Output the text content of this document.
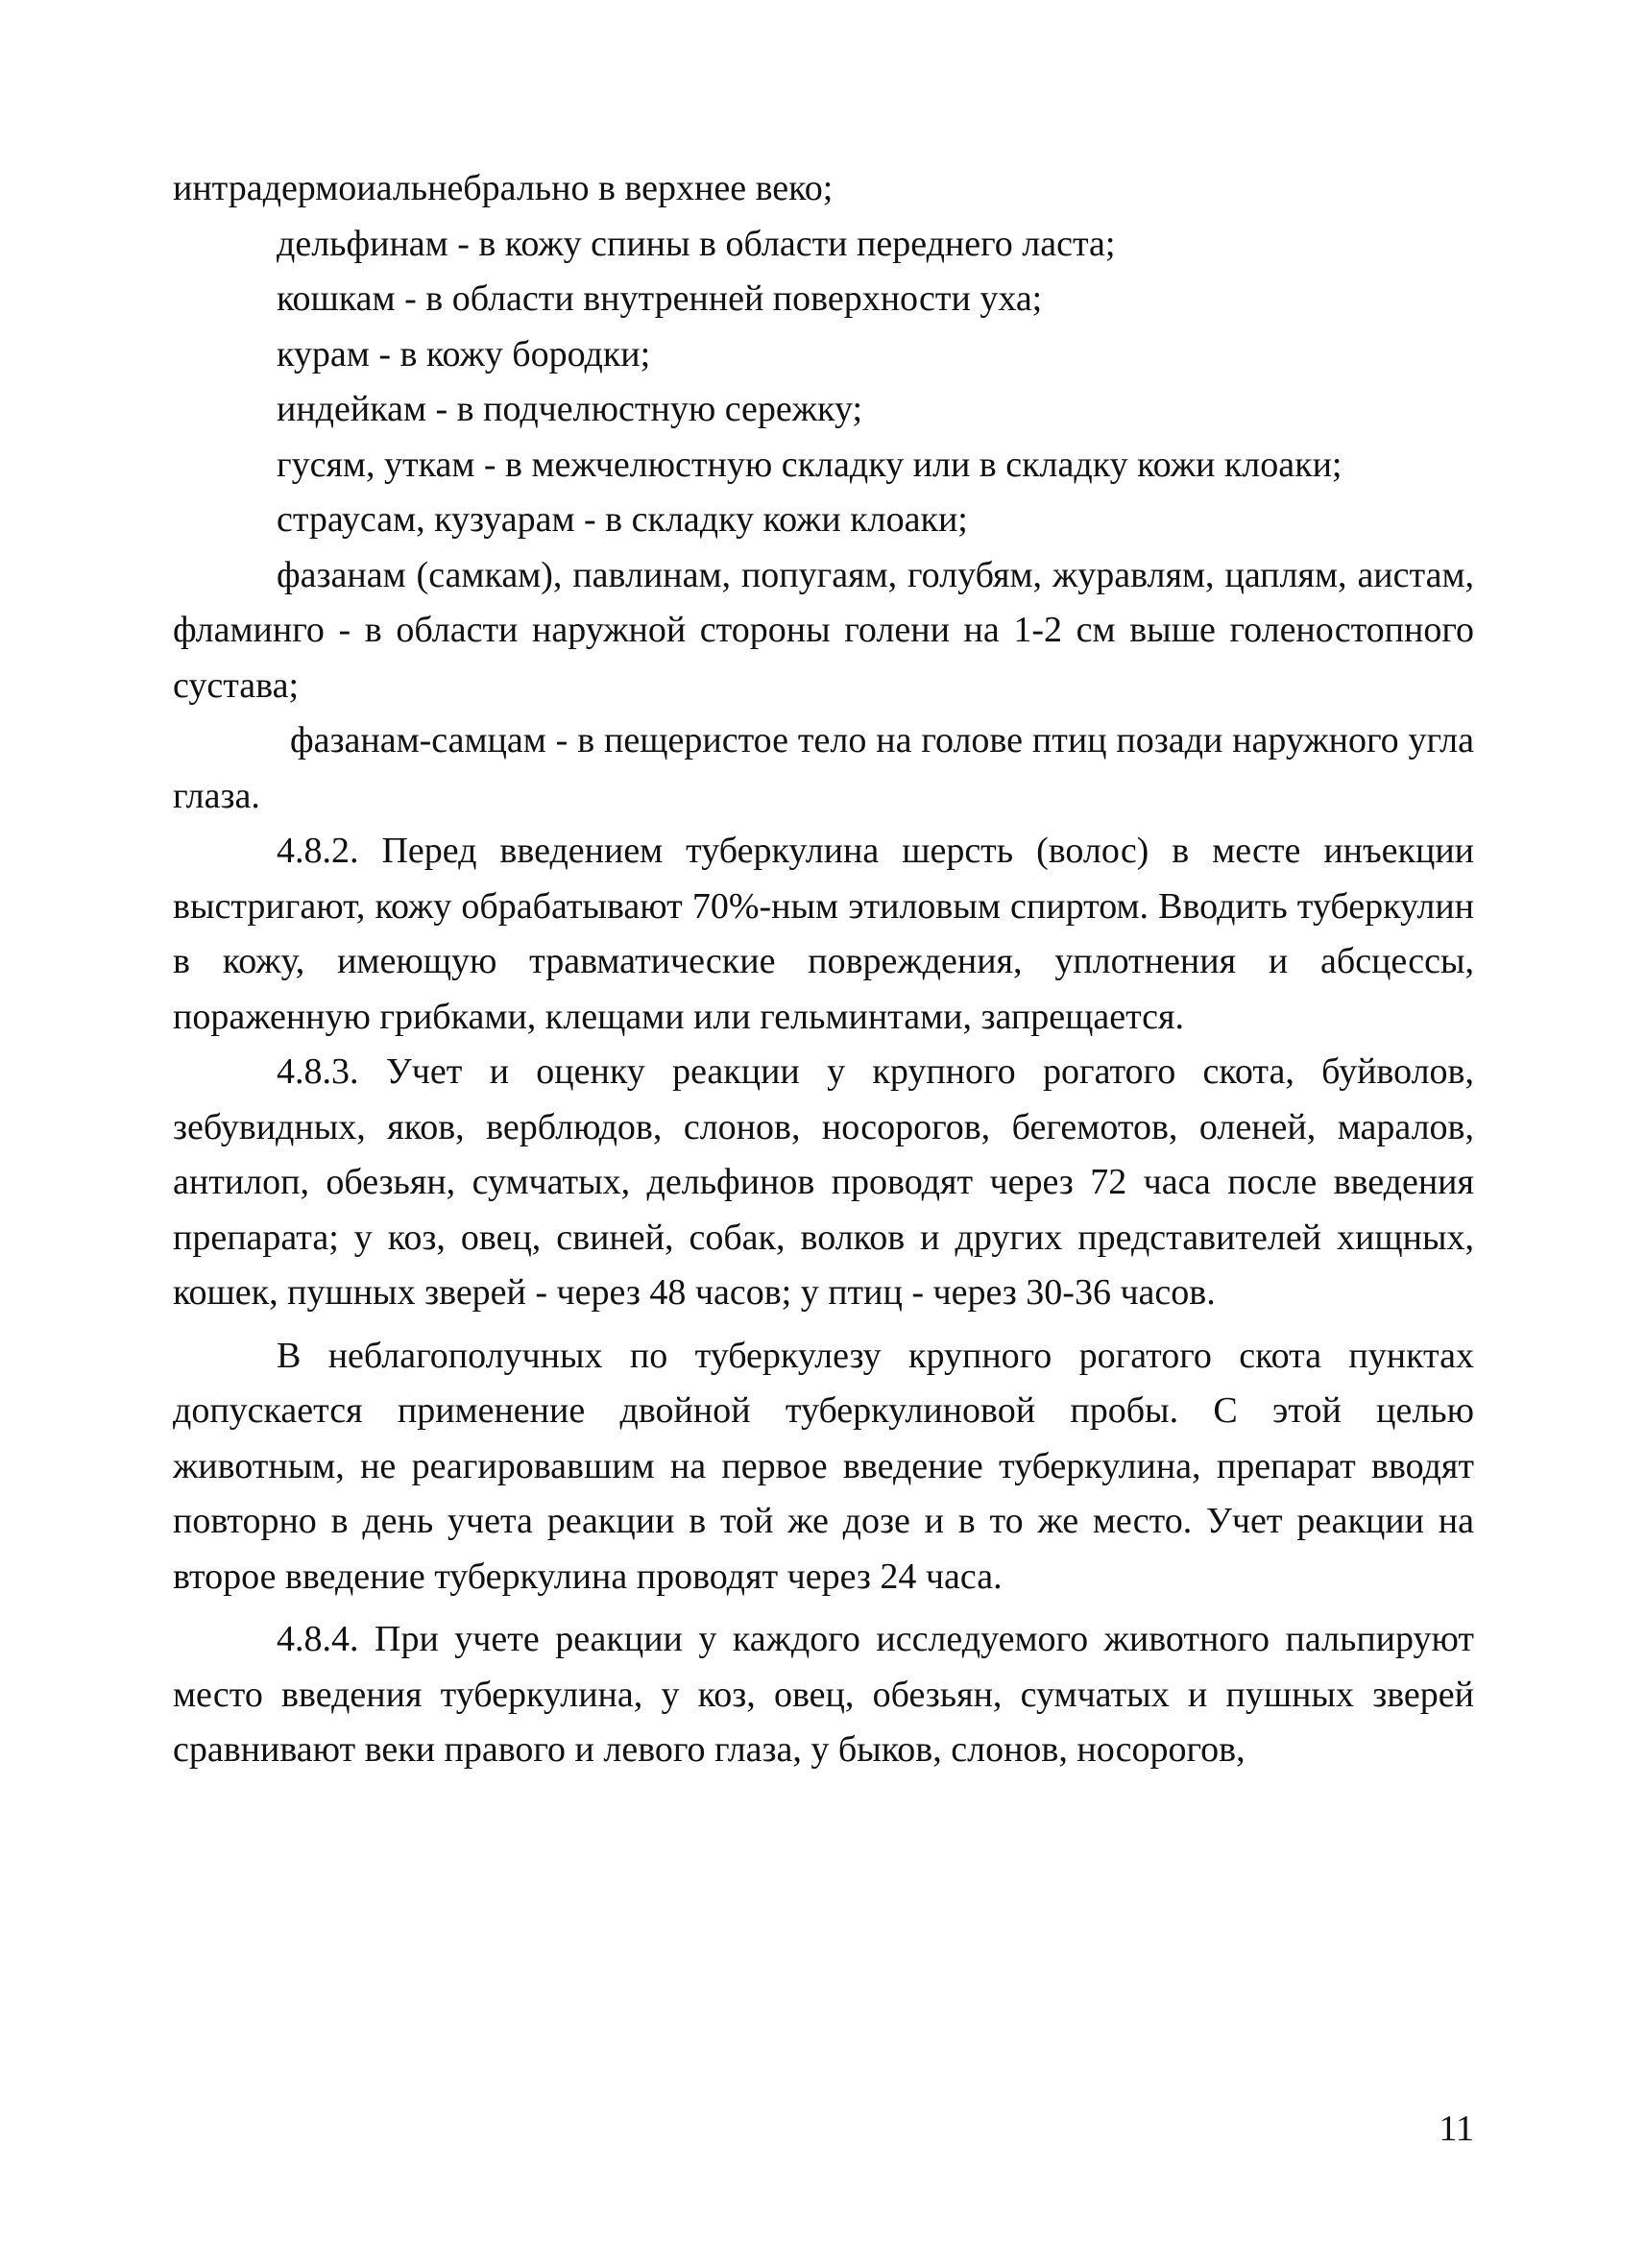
интрадермоиальнебрально в верхнее веко;

дельфинам - в кожу спины в области переднего ласта;

кошкам - в области внутренней поверхности уха;

курам - в кожу бородки;

индейкам - в подчелюстную сережку;

гусям, уткам - в межчелюстную складку или в складку кожи клоаки;

страусам, кузуарам - в складку кожи клоаки;

фазанам (самкам), павлинам, попугаям, голубям, журавлям, цаплям, аистам, фламинго - в области наружной стороны голени на 1-2 см выше голеностопного сустава;

фазанам-самцам - в пещеристое тело на голове птиц позади наружного угла глаза.

4.8.2. Перед введением туберкулина шерсть (волос) в месте инъекции выстригают, кожу обрабатывают 70%-ным этиловым спиртом. Вводить туберкулин в кожу, имеющую травматические повреждения, уплотнения и абсцессы, пораженную грибками, клещами или гельминтами, запрещается.

4.8.3. Учет и оценку реакции у крупного рогатого скота, буйволов, зебувидных, яков, верблюдов, слонов, носорогов, бегемотов, оленей, маралов, антилоп, обезьян, сумчатых, дельфинов проводят через 72 часа после введения препарата; у коз, овец, свиней, собак, волков и других представителей хищных, кошек, пушных зверей - через 48 часов; у птиц - через 30-36 часов.

В неблагополучных по туберкулезу крупного рогатого скота пунктах допускается применение двойной туберкулиновой пробы. С этой целью животным, не реагировавшим на первое введение туберкулина, препарат вводят повторно в день учета реакции в той же дозе и в то же место. Учет реакции на второе введение туберкулина проводят через 24 часа.

4.8.4. При учете реакции у каждого исследуемого животного пальпируют место введения туберкулина, у коз, овец, обезьян, сумчатых и пушных зверей сравнивают веки правого и левого глаза, у быков, слонов, носорогов,

11
